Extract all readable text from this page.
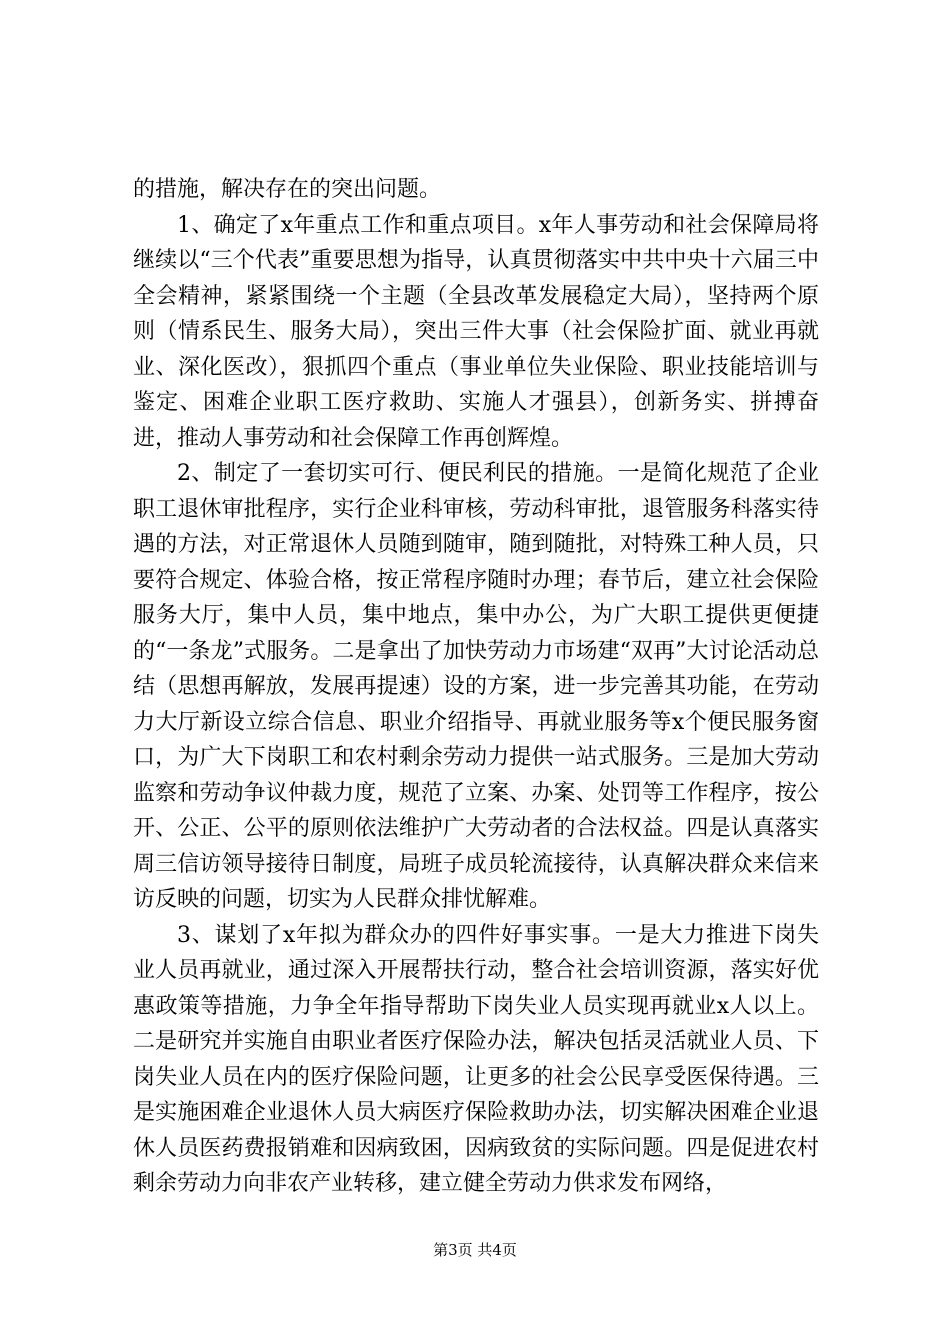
的措施，解决存在的突出问题。

1、确定了x年重点工作和重点项目。x年人事劳动和社会保障局将继续以“三个代表”重要思想为指导，认真贯彻落实中共中央十六届三中全会精神，紧紧围绕一个主题（全县改革发展稳定大局），坚持两个原则（情系民生、服务大局），突出三件大事（社会保险扩面、就业再就业、深化医改），狠抓四个重点（事业单位失业保险、职业技能培训与鉴定、困难企业职工医疗救助、实施人才强县），创新务实、拼搏奋进，推动人事劳动和社会保障工作再创辉煌。

2、制定了一套切实可行、便民利民的措施。一是简化规范了企业职工退休审批程序，实行企业科审核，劳动科审批，退管服务科落实待遇的方法，对正常退休人员随到随审，随到随批，对特殊工种人员，只要符合规定、体验合格，按正常程序随时办理；春节后，建立社会保险服务大厅，集中人员，集中地点，集中办公，为广大职工提供更便捷的“一条龙”式服务。二是拿出了加快劳动力市场建“双再”大讨论活动总结（思想再解放，发展再提速）设的方案，进一步完善其功能，在劳动力大厅新设立综合信息、职业介绍指导、再就业服务等x个便民服务窗口，为广大下岗职工和农村剩余劳动力提供一站式服务。三是加大劳动监察和劳动争议仲裁力度，规范了立案、办案、处罚等工作程序，按公开、公正、公平的原则依法维护广大劳动者的合法权益。四是认真落实周三信访领导接待日制度，局班子成员轮流接待，认真解决群众来信来访反映的问题，切实为人民群众排忧解难。

3、谋划了x年拟为群众办的四件好事实事。一是大力推进下岗失业人员再就业，通过深入开展帮扶行动，整合社会培训资源，落实好优惠政策等措施，力争全年指导帮助下岗失业人员实现再就业x人以上。二是研究并实施自由职业者医疗保险办法，解决包括灵活就业人员、下岗失业人员在内的医疗保险问题，让更多的社会公民享受医保待遇。三是实施困难企业退休人员大病医疗保险救助办法，切实解决困难企业退休人员医药费报销难和因病致困，因病致贫的实际问题。四是促进农村剩余劳动力向非农产业转移，建立健全劳动力供求发布网络，

第3页 共4页
